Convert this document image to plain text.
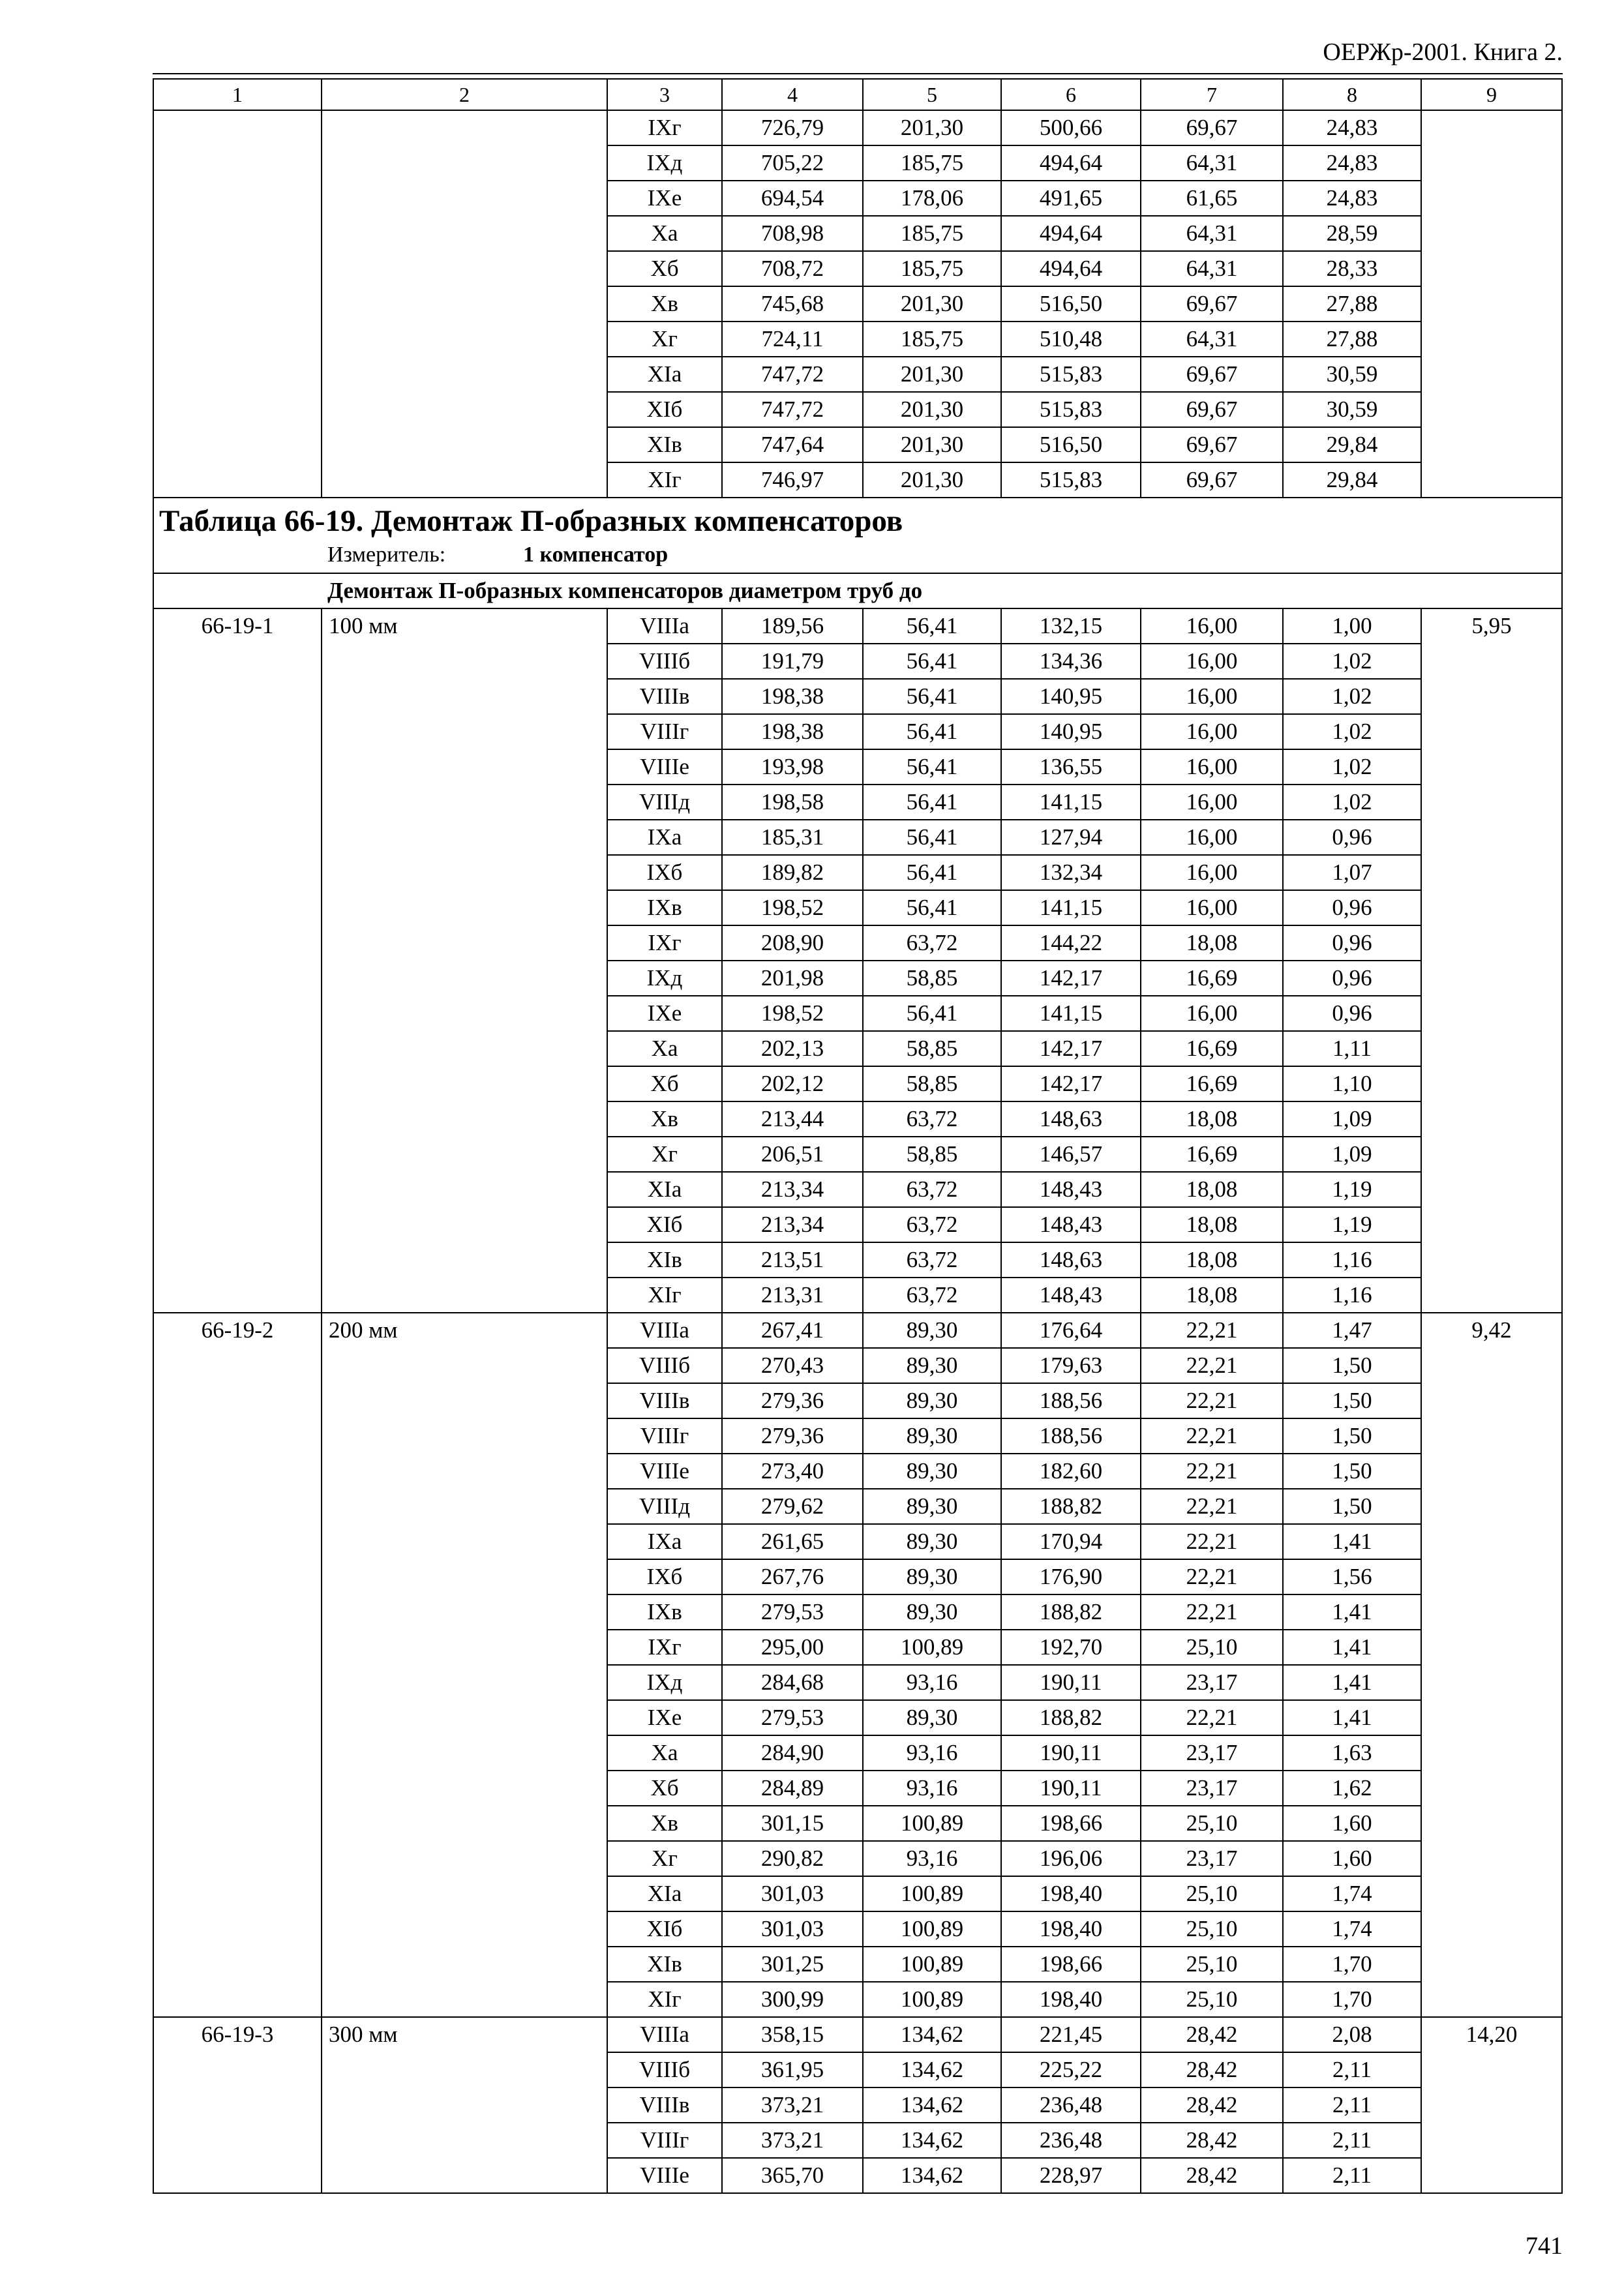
ОЕРЖр-2001. Книга 2.
1	2	3	4	5	6	7	8	9
		IXг	726,79	201,30	500,66	69,67	24,83	
		IXд	705,22	185,75	494,64	64,31	24,83	
		IXе	694,54	178,06	491,65	61,65	24,83	
		Xа	708,98	185,75	494,64	64,31	28,59	
		Xб	708,72	185,75	494,64	64,31	28,33	
		Xв	745,68	201,30	516,50	69,67	27,88	
		Xг	724,11	185,75	510,48	64,31	27,88	
		XIа	747,72	201,30	515,83	69,67	30,59	
		XIб	747,72	201,30	515,83	69,67	30,59	
		XIв	747,64	201,30	516,50	69,67	29,84	
		XIг	746,97	201,30	515,83	69,67	29,84	

Таблица 66-19. Демонтаж П-образных компенсаторов
Измеритель: 1 компенсатор								

Демонтаж П-образных компенсаторов диаметром труб до								
66-19-1	100 мм	VIIIа	189,56	56,41	132,15	16,00	1,00	5,95
		VIIIб	191,79	56,41	134,36	16,00	1,02	
		VIIIв	198,38	56,41	140,95	16,00	1,02	
		VIIIг	198,38	56,41	140,95	16,00	1,02	
		VIIIе	193,98	56,41	136,55	16,00	1,02	
		VIIIд	198,58	56,41	141,15	16,00	1,02	
		IXа	185,31	56,41	127,94	16,00	0,96	
		IXб	189,82	56,41	132,34	16,00	1,07	
		IXв	198,52	56,41	141,15	16,00	0,96	
		IXг	208,90	63,72	144,22	18,08	0,96	
		IXд	201,98	58,85	142,17	16,69	0,96	
		IXе	198,52	56,41	141,15	16,00	0,96	
		Xа	202,13	58,85	142,17	16,69	1,11	
		Xб	202,12	58,85	142,17	16,69	1,10	
		Xв	213,44	63,72	148,63	18,08	1,09	
		Xг	206,51	58,85	146,57	16,69	1,09	
		XIа	213,34	63,72	148,43	18,08	1,19	
		XIб	213,34	63,72	148,43	18,08	1,19	
		XIв	213,51	63,72	148,63	18,08	1,16	
		XIг	213,31	63,72	148,43	18,08	1,16	
66-19-2	200 мм	VIIIа	267,41	89,30	176,64	22,21	1,47	9,42
		VIIIб	270,43	89,30	179,63	22,21	1,50	
		VIIIв	279,36	89,30	188,56	22,21	1,50	
		VIIIг	279,36	89,30	188,56	22,21	1,50	
		VIIIе	273,40	89,30	182,60	22,21	1,50	
		VIIIд	279,62	89,30	188,82	22,21	1,50	
		IXа	261,65	89,30	170,94	22,21	1,41	
		IXб	267,76	89,30	176,90	22,21	1,56	
		IXв	279,53	89,30	188,82	22,21	1,41	
		IXг	295,00	100,89	192,70	25,10	1,41	
		IXд	284,68	93,16	190,11	23,17	1,41	
		IXе	279,53	89,30	188,82	22,21	1,41	
		Xа	284,90	93,16	190,11	23,17	1,63	
		Xб	284,89	93,16	190,11	23,17	1,62	
		Xв	301,15	100,89	198,66	25,10	1,60	
		Xг	290,82	93,16	196,06	23,17	1,60	
		XIа	301,03	100,89	198,40	25,10	1,74	
		XIб	301,03	100,89	198,40	25,10	1,74	
		XIв	301,25	100,89	198,66	25,10	1,70	
		XIг	300,99	100,89	198,40	25,10	1,70	
66-19-3	300 мм	VIIIа	358,15	134,62	221,45	28,42	2,08	14,20
		VIIIб	361,95	134,62	225,22	28,42	2,11	
		VIIIв	373,21	134,62	236,48	28,42	2,11	
		VIIIг	373,21	134,62	236,48	28,42	2,11	
		VIIIе	365,70	134,62	228,97	28,42	2,11	
741
